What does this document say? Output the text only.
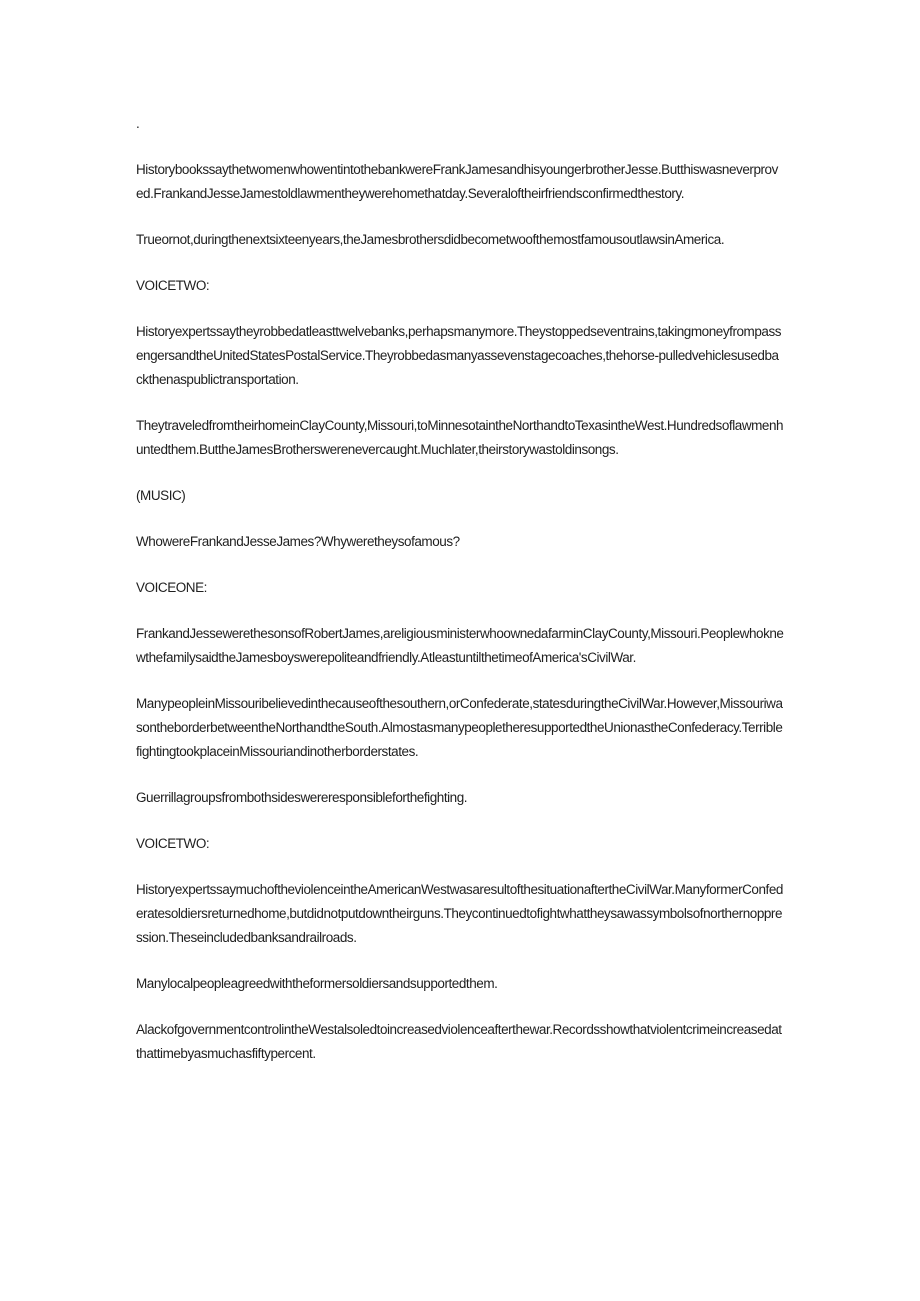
.

HistorybookssaythetwomenwhowentintothebankwereFrankJamesandhisyoungerbrotherJesse.Butthiswasneverproved.FrankandJesseJamestoldlawmentheywerehomethatday.Severaloftheirfriendsconfirmedthestory.

Trueornot,duringthenextsixteenyears,theJamesbrothersdidbecometwoofthemostfamousoutlawsinAmerica.

VOICETWO:

Historyexpertssaytheyrobbedatleasttwelvebanks,perhapsmanymore.Theystoppedseventrains,takingmoneyfrompassengersandtheUnitedStatesPostalService.Theyrobbedasmanyassevenstagecoaches,thehorse-pulledvehiclesusedbackthenaspublictransportation.

TheytraveledfromtheirhomeinClayCounty,Missouri,toMinnesotaintheNorthandtoTexasintheWest.Hundredsoflawmenhuntedthem.ButtheJamesBrotherswerenevercaught.Muchlater,theirstorywastoldinsongs.

(MUSIC)

WhowereFrankandJesseJames?Whyweretheysofamous?

VOICEONE:

FrankandJessewerethesonsofRobertJames,areligiousministerwhoownedafarminClayCounty,Missouri.PeoplewhoknewthefamilysaidtheJamesboyswerepoliteandfriendly.AtleastuntilthetimeofAmerica'sCivilWar.

ManypeopleinMissouribelievedinthecauseofthesouthern,orConfederate,statesduringtheCivilWar.However,MissouriwasontheborderbetweentheNorthandtheSouth.AlmostasmanypeopletheresupportedtheUnionastheConfederacy.TerriblefightingtookplaceinMissouriandinotherborderstates.

Guerrillagroupsfrombothsideswereresponsibleforthefighting.

VOICETWO:

HistoryexpertssaymuchoftheviolenceintheAmericanWestwasaresultofthesituationaftertheCivilWar.ManyformerConfederatesoldiersreturnedhome,butdidnotputdowntheirguns.Theycontinuedtofightwhattheysawassymbolsofnorthernoppression.Theseincludedbanksandrailroads.

Manylocalpeopleagreedwiththeformersoldiersandsupportedthem.

AlackofgovernmentcontrolintheWestalsoledtoincreasedviolenceafterthewar.Recordsshowthatviolentcrimeincreasedatthattimebyasmuchasfiftypercent.
